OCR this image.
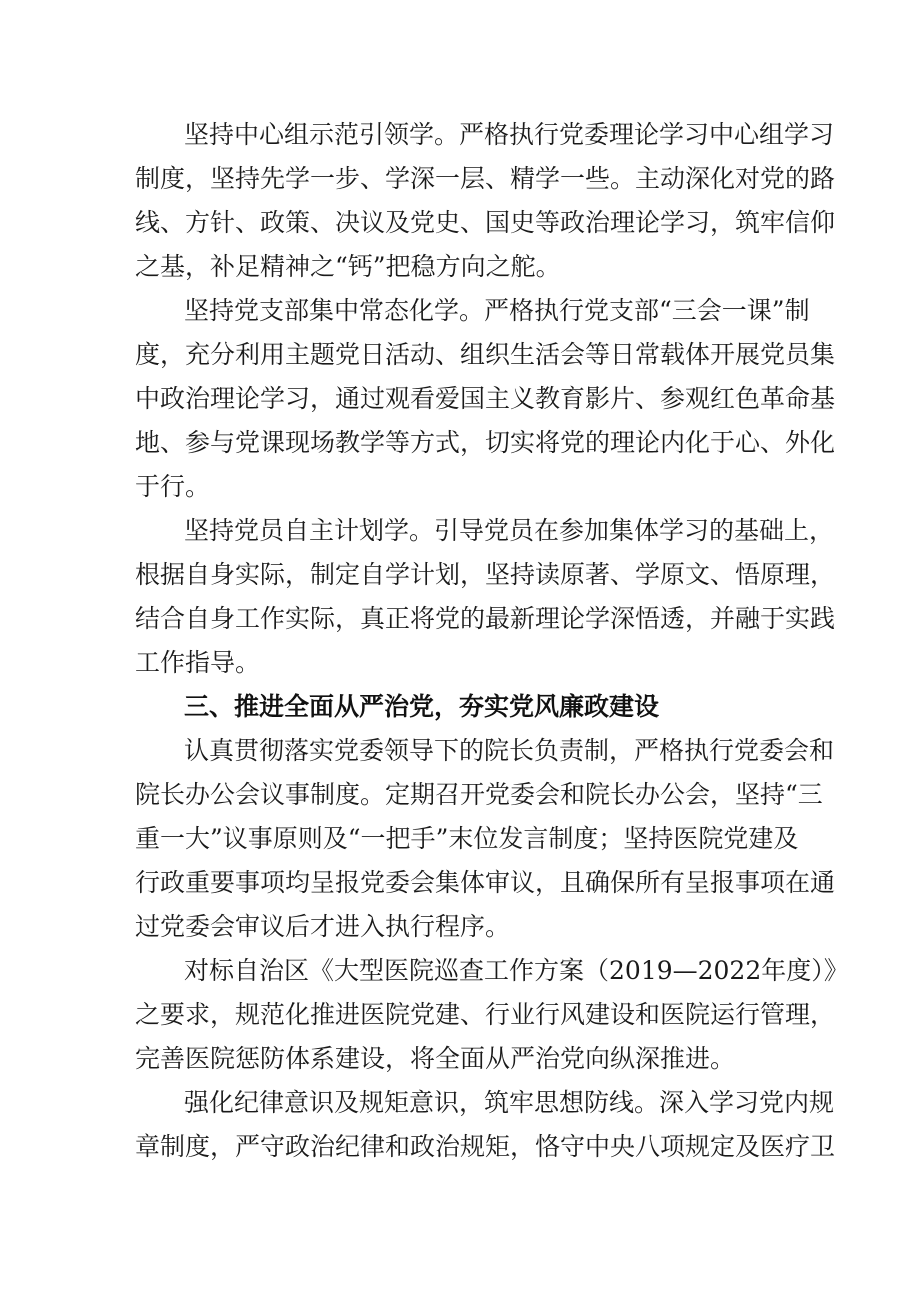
坚持中心组示范引领学。严格执行党委理论学习中心组学习
制度，坚持先学一步、学深一层、精学一些。主动深化对党的路
线、方针、政策、决议及党史、国史等政治理论学习，筑牢信仰
之基，补足精神之“钙”把稳方向之舵。
坚持党支部集中常态化学。严格执行党支部“三会一课”制
度，充分利用主题党日活动、组织生活会等日常载体开展党员集
中政治理论学习，通过观看爱国主义教育影片、参观红色革命基
地、参与党课现场教学等方式，切实将党的理论内化于心、外化
于行。
坚持党员自主计划学。引导党员在参加集体学习的基础上，
根据自身实际，制定自学计划，坚持读原著、学原文、悟原理，
结合自身工作实际，真正将党的最新理论学深悟透，并融于实践
工作指导。
三、推进全面从严治党，夯实党风廉政建设
认真贯彻落实党委领导下的院长负责制，严格执行党委会和
院长办公会议事制度。定期召开党委会和院长办公会，坚持“三
重一大”议事原则及“一把手”末位发言制度；坚持医院党建及
行政重要事项均呈报党委会集体审议，且确保所有呈报事项在通
过党委会审议后才进入执行程序。
对标自治区《大型医院巡查工作方案（2019—2022年度）》
之要求，规范化推进医院党建、行业行风建设和医院运行管理，
完善医院惩防体系建设，将全面从严治党向纵深推进。
强化纪律意识及规矩意识，筑牢思想防线。深入学习党内规
章制度，严守政治纪律和政治规矩，恪守中央八项规定及医疗卫
